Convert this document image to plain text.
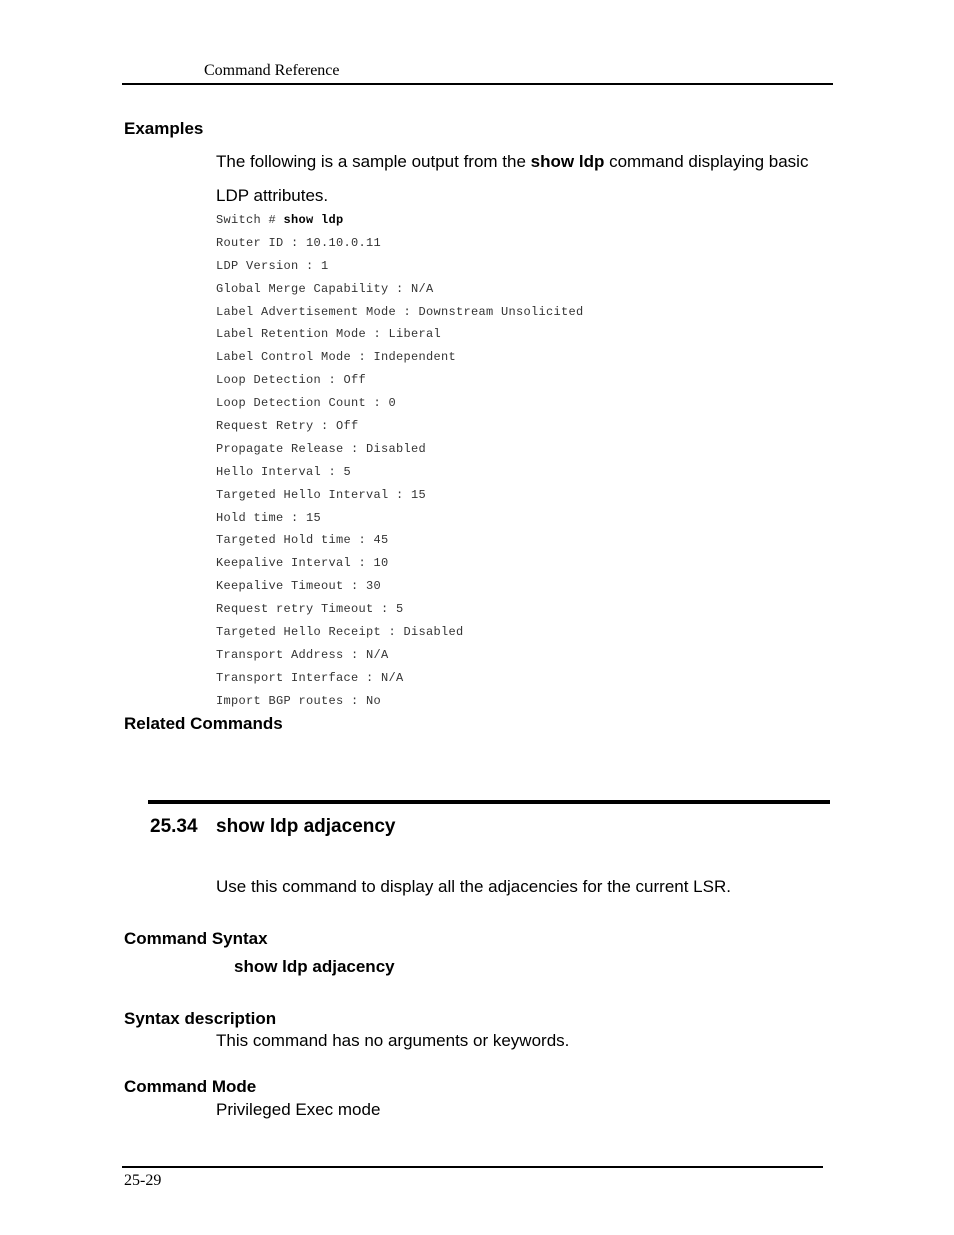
Command Reference
Examples
The following is a sample output from the show ldp command displaying basic LDP attributes.
Switch # show ldp
Router ID : 10.10.0.11
LDP Version : 1
Global Merge Capability : N/A
Label Advertisement Mode : Downstream Unsolicited
Label Retention Mode : Liberal
Label Control Mode : Independent
Loop Detection : Off
Loop Detection Count : 0
Request Retry : Off
Propagate Release : Disabled
Hello Interval : 5
Targeted Hello Interval : 15
Hold time : 15
Targeted Hold time : 45
Keepalive Interval : 10
Keepalive Timeout : 30
Request retry Timeout : 5
Targeted Hello Receipt : Disabled
Transport Address : N/A
Transport Interface : N/A
Import BGP routes : No
Related Commands
25.34 show ldp adjacency
Use this command to display all the adjacencies for the current LSR.
Command Syntax
show ldp adjacency
Syntax description
This command has no arguments or keywords.
Command Mode
Privileged Exec mode
25-29
